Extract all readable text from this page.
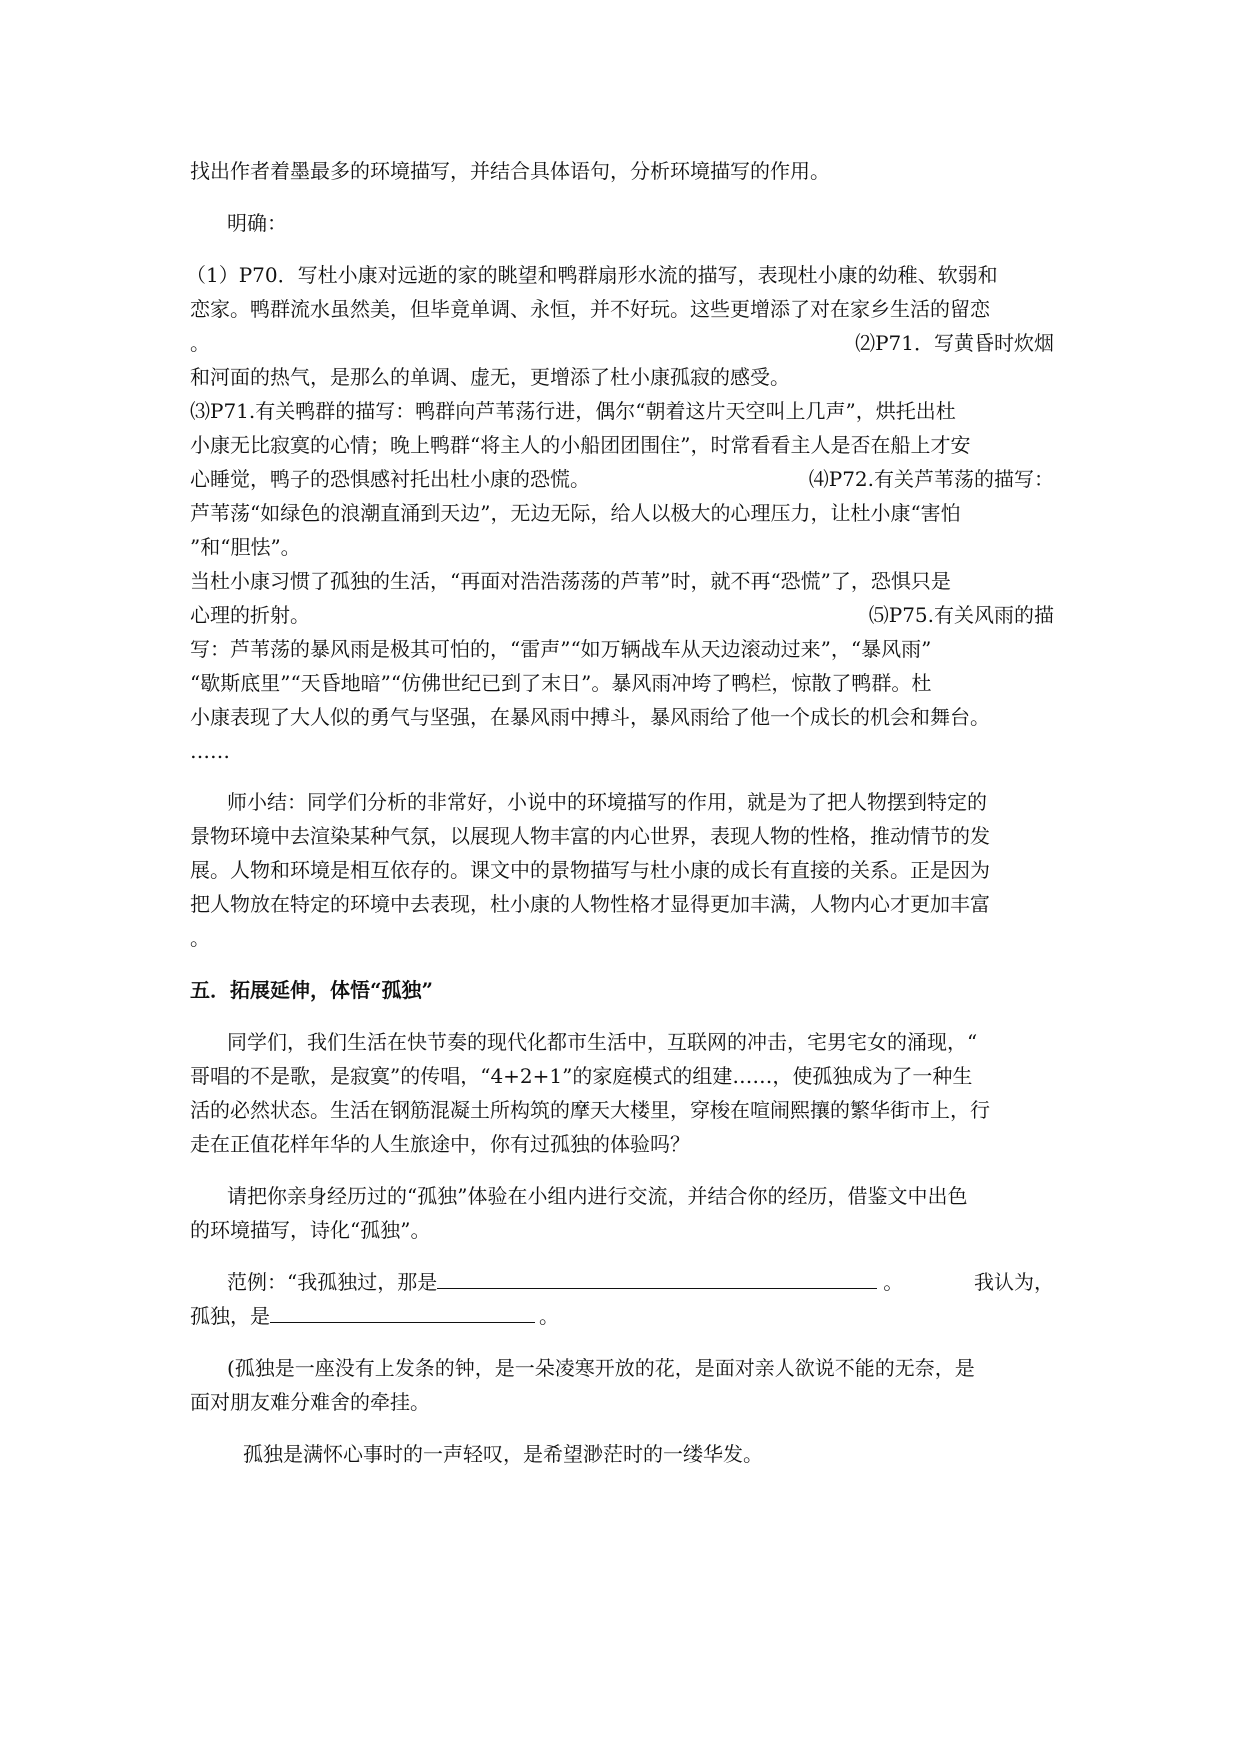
找出作者着墨最多的环境描写，并结合具体语句，分析环境描写的作用。
明确：
（1）P70．写杜小康对远逝的家的眺望和鸭群扇形水流的描写，表现杜小康的幼稚、软弱和
恋家。鸭群流水虽然美，但毕竟单调、永恒，并不好玩。这些更增添了对在家乡生活的留恋
。	⑵P71．写黄昏时炊烟
和河面的热气，是那么的单调、虚无，更增添了杜小康孤寂的感受。
⑶P71.有关鸭群的描写：鸭群向芦苇荡行进，偶尔“朝着这片天空叫上几声”，烘托出杜
小康无比寂寞的心情；晚上鸭群“将主人的小船团团围住”，时常看看主人是否在船上才安
心睡觉，鸭子的恐惧感衬托出杜小康的恐慌。	⑷P72.有关芦苇荡的描写：
芦苇荡“如绿色的浪潮直涌到天边”，无边无际，给人以极大的心理压力，让杜小康“害怕
”和“胆怯”。
当杜小康习惯了孤独的生活，“再面对浩浩荡荡的芦苇”时，就不再“恐慌”了，恐惧只是
心理的折射。	⑸P75.有关风雨的描
写：芦苇荡的暴风雨是极其可怕的，“雷声”“如万辆战车从天边滚动过来”，“暴风雨”
“歇斯底里”“天昏地暗”“仿佛世纪已到了末日”。暴风雨冲垮了鸭栏，惊散了鸭群。杜
小康表现了大人似的勇气与坚强，在暴风雨中搏斗，暴风雨给了他一个成长的机会和舞台。
……
师小结：同学们分析的非常好，小说中的环境描写的作用，就是为了把人物摆到特定的
景物环境中去渲染某种气氛，以展现人物丰富的内心世界，表现人物的性格，推动情节的发
展。人物和环境是相互依存的。课文中的景物描写与杜小康的成长有直接的关系。正是因为
把人物放在特定的环境中去表现，杜小康的人物性格才显得更加丰满，人物内心才更加丰富
。
五．拓展延伸，体悟“孤独”
同学们，我们生活在快节奏的现代化都市生活中，互联网的冲击，宅男宅女的涌现，“
哥唱的不是歌，是寂寞”的传唱，“4+2+1”的家庭模式的组建……，使孤独成为了一种生
活的必然状态。生活在钢筋混凝土所构筑的摩天大楼里，穿梭在喧闹熙攘的繁华街市上，行
走在正值花样年华的人生旅途中，你有过孤独的体验吗？
请把你亲身经历过的“孤独”体验在小组内进行交流，并结合你的经历，借鉴文中出色
的环境描写，诗化“孤独”。
范例：“我孤独过，那是	。	我认为，
孤独，是	。
(孤独是一座没有上发条的钟，是一朵凌寒开放的花，是面对亲人欲说不能的无奈，是
面对朋友难分难舍的牵挂。
孤独是满怀心事时的一声轻叹，是希望渺茫时的一缕华发。
